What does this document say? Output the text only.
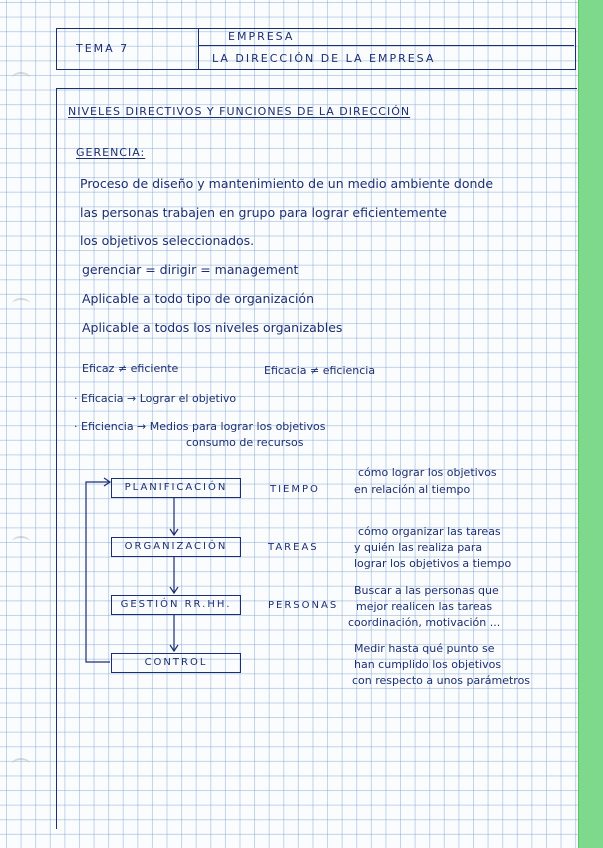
TEMA 7
EMPRESA
LA DIRECCIÓN DE LA EMPRESA
NIVELES DIRECTIVOS Y FUNCIONES DE LA DIRECCIÓN
GERENCIA:
Proceso de diseño y mantenimiento de un medio ambiente donde
las personas trabajen en grupo para lograr eficientemente
los objetivos seleccionados.
gerenciar = dirigir = management
Aplicable a todo tipo de organización
Aplicable a todos los niveles organizables
Eficaz ≠ eficiente	Eficacia ≠ eficiencia
· Eficacia → Lograr el objetivo
· Eficiencia → Medios para lograr los objetivos
consumo de recursos
PLANIFICACIÓN	TIEMPO
cómo lograr los objetivos
en relación al tiempo
ORGANIZACIÓN	TAREAS
cómo organizar las tareas
y quién las realiza para
lograr los objetivos a tiempo
GESTIÓN RR.HH.	PERSONAS
Buscar a las personas que
mejor realicen las tareas
coordinación, motivación ...
CONTROL
Medir hasta qué punto se
han cumplido los objetivos
con respecto a unos parámetros
